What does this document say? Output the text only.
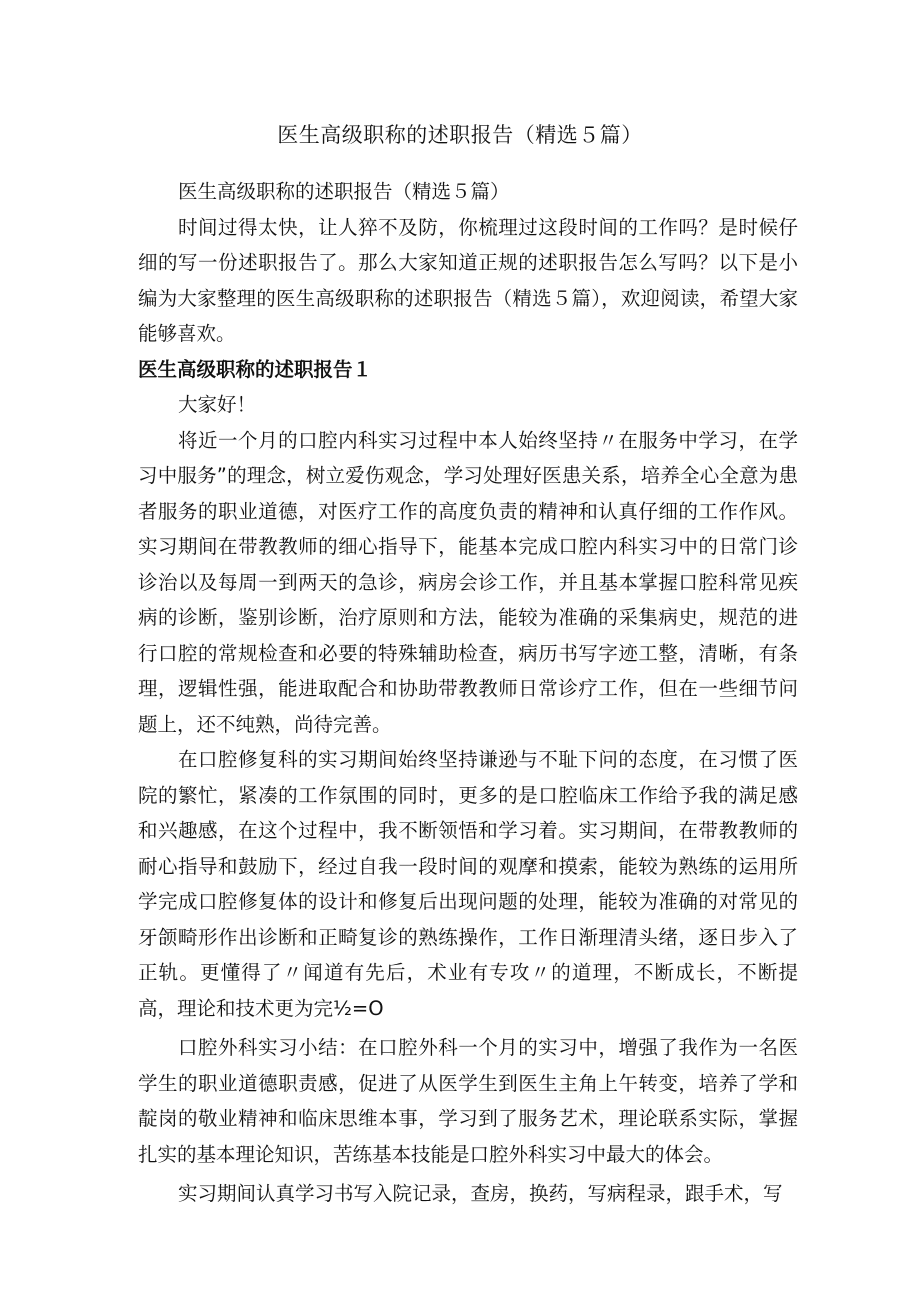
医生高级职称的述职报告（精选５篇）

医生高级职称的述职报告（精选５篇）

时间过得太快，让人猝不及防，你梳理过这段时间的工作吗？是时候仔细的写一份述职报告了。那么大家知道正规的述职报告怎么写吗？以下是小编为大家整理的医生高级职称的述职报告（精选５篇），欢迎阅读，希望大家能够喜欢。

医生高级职称的述职报告１

大家好！

将近一个月的口腔内科实习过程中本人始终坚持〃在服务中学习，在学习中服务”的理念，树立爱伤观念，学习处理好医患关系，培养全心全意为患者服务的职业道德，对医疗工作的高度负责的精神和认真仔细的工作作风。实习期间在带教教师的细心指导下，能基本完成口腔内科实习中的日常门诊诊治以及每周一到两天的急诊，病房会诊工作，并且基本掌握口腔科常见疾病的诊断，鉴别诊断，治疗原则和方法，能较为准确的采集病史，规范的进行口腔的常规检查和必要的特殊辅助检查，病历书写字迹工整，清晰，有条理，逻辑性强，能进取配合和协助带教教师日常诊疗工作，但在一些细节问题上，还不纯熟，尚待完善。

在口腔修复科的实习期间始终坚持谦逊与不耻下问的态度，在习惯了医院的繁忙，紧凑的工作氛围的同时，更多的是口腔临床工作给予我的满足感和兴趣感，在这个过程中，我不断领悟和学习着。实习期间，在带教教师的耐心指导和鼓励下，经过自我一段时间的观摩和摸索，能较为熟练的运用所学完成口腔修复体的设计和修复后出现问题的处理，能较为准确的对常见的牙颌畸形作出诊断和正畸复诊的熟练操作，工作日渐理清头绪，逐日步入了正轨。更懂得了〃闻道有先后，术业有专攻〃的道理，不断成长，不断提高，理论和技术更为完½=O

口腔外科实习小结：在口腔外科一个月的实习中，增强了我作为一名医学生的职业道德职责感，促进了从医学生到医生主角上午转变，培养了学和靛岗的敬业精神和临床思维本事，学习到了服务艺术，理论联系实际，掌握扎实的基本理论知识，苦练基本技能是口腔外科实习中最大的体会。

实习期间认真学习书写入院记录，查房，换药，写病程录，跟手术，写
